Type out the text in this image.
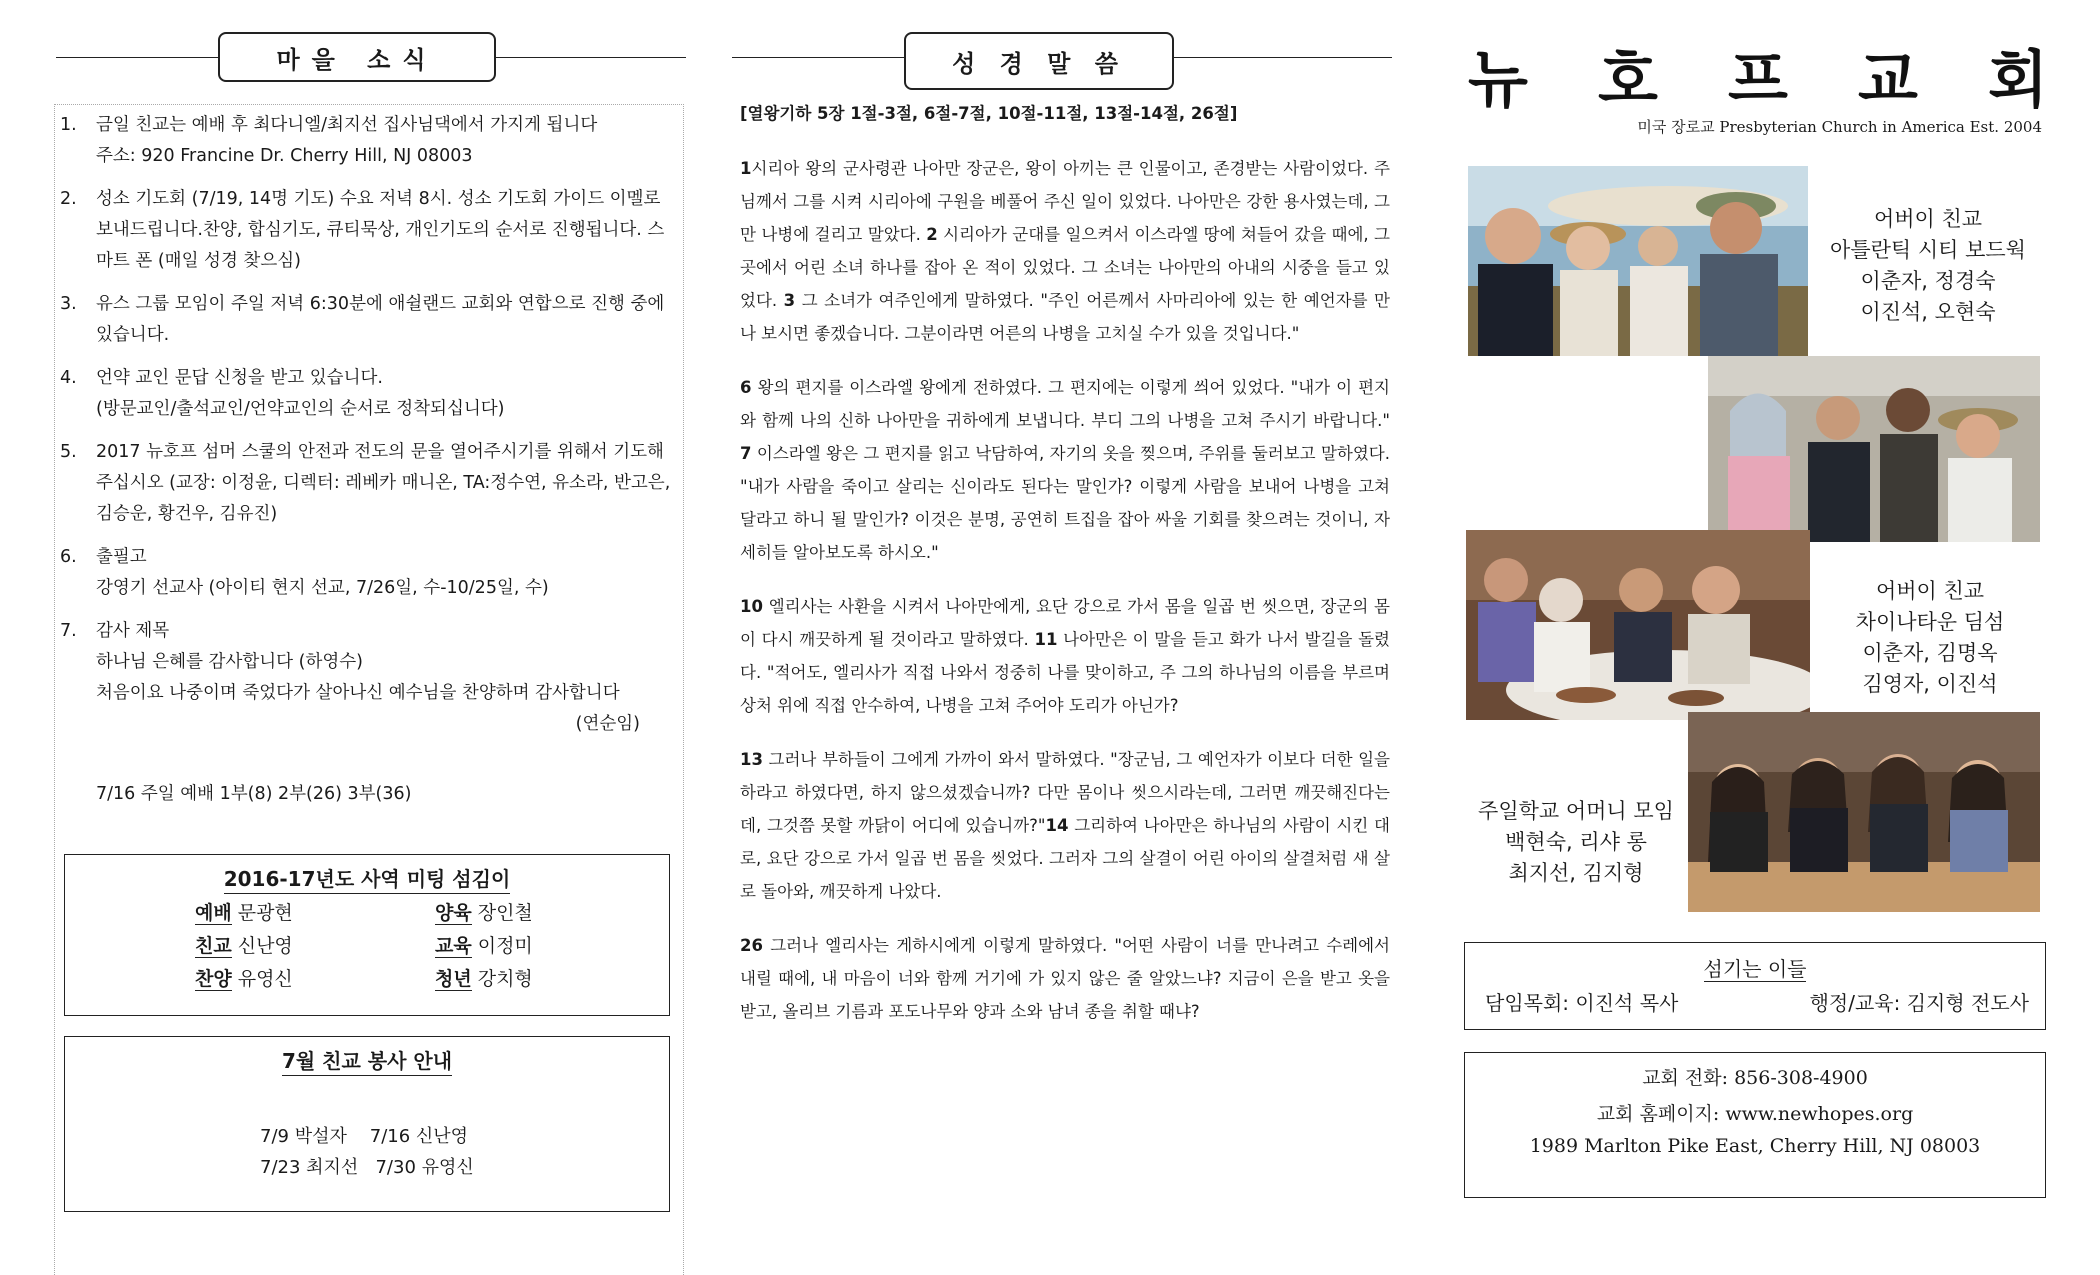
마을 소식
1.	금일 친교는 예배 후 최다니엘/최지선 집사님댁에서 가지게 됩니다
주소: 920 Francine Dr. Cherry Hill, NJ 08003
2.	성소 기도회 (7/19, 14명 기도) 수요 저녁 8시. 성소 기도회 가이드 이멜로 보내드립니다.찬양, 합심기도, 큐티묵상, 개인기도의 순서로 진행됩니다. 스마트 폰 (매일 성경 찾으심)
3.	유스 그룹 모임이 주일 저녁 6:30분에 애쉴랜드 교회와 연합으로 진행 중에 있습니다.
4.	언약 교인 문답 신청을 받고 있습니다.
(방문교인/출석교인/언약교인의 순서로 정착되십니다)
5.	2017 뉴호프 섬머 스쿨의 안전과 전도의 문을 열어주시기를 위해서 기도해주십시오 (교장: 이정윤, 디렉터: 레베카 매니온, TA:정수연, 유소라, 반고은, 김승운, 황건우, 김유진)
6.	출필고
강영기 선교사 (아이티 현지 선교, 7/26일, 수-10/25일, 수)
7.	감사 제목
하나님 은혜를 감사합니다 (하영수)
처음이요 나중이며 죽었다가 살아나신 예수님을 찬양하며 감사합니다
(연순임)
7/16 주일 예배 1부(8) 2부(26) 3부(36)
2016-17년도 사역 미팅 섬김이
예배 문광현	양육 장인철
친교 신난영	교육 이정미
찬양 유영신	청년 강치형
7월 친교 봉사 안내
7/9 박설자    7/16 신난영
7/23 최지선   7/30 유영신
성 경 말 씀
[열왕기하 5장 1절-3절, 6절-7절, 10절-11절, 13절-14절, 26절]

1시리아 왕의 군사령관 나아만 장군은, 왕이 아끼는 큰 인물이고, 존경받는 사람이었다. 주님께서 그를 시켜 시리아에 구원을 베풀어 주신 일이 있었다. 나아만은 강한 용사였는데, 그만 나병에 걸리고 말았다. 2 시리아가 군대를 일으켜서 이스라엘 땅에 쳐들어 갔을 때에, 그 곳에서 어린 소녀 하나를 잡아 온 적이 있었다. 그 소녀는 나아만의 아내의 시중을 들고 있었다. 3 그 소녀가 여주인에게 말하였다. "주인 어른께서 사마리아에 있는 한 예언자를 만나 보시면 좋겠습니다. 그분이라면 어른의 나병을 고치실 수가 있을 것입니다."

6 왕의 편지를 이스라엘 왕에게 전하였다. 그 편지에는 이렇게 씌어 있었다. "내가 이 편지와 함께 나의 신하 나아만을 귀하에게 보냅니다. 부디 그의 나병을 고쳐 주시기 바랍니다." 7 이스라엘 왕은 그 편지를 읽고 낙담하여, 자기의 옷을 찢으며, 주위를 둘러보고 말하였다. "내가 사람을 죽이고 살리는 신이라도 된다는 말인가? 이렇게 사람을 보내어 나병을 고쳐 달라고 하니 될 말인가? 이것은 분명, 공연히 트집을 잡아 싸울 기회를 찾으려는 것이니, 자세히들 알아보도록 하시오."

10 엘리사는 사환을 시켜서 나아만에게, 요단 강으로 가서 몸을 일곱 번 씻으면, 장군의 몸이 다시 깨끗하게 될 것이라고 말하였다. 11 나아만은 이 말을 듣고 화가 나서 발길을 돌렸다. "적어도, 엘리사가 직접 나와서 정중히 나를 맞이하고, 주 그의 하나님의 이름을 부르며 상처 위에 직접 안수하여, 나병을 고쳐 주어야 도리가 아닌가?

13 그러나 부하들이 그에게 가까이 와서 말하였다. "장군님, 그 예언자가 이보다 더한 일을 하라고 하였다면, 하지 않으셨겠습니까? 다만 몸이나 씻으시라는데, 그러면 깨끗해진다는데, 그것쯤 못할 까닭이 어디에 있습니까?"14 그리하여 나아만은 하나님의 사람이 시킨 대로, 요단 강으로 가서 일곱 번 몸을 씻었다. 그러자 그의 살결이 어린 아이의 살결처럼 새 살로 돌아와, 깨끗하게 나았다.

26 그러나 엘리사는 게하시에게 이렇게 말하였다. "어떤 사람이 너를 만나려고 수레에서 내릴 때에, 내 마음이 너와 함께 거기에 가 있지 않은 줄 알았느냐? 지금이 은을 받고 옷을 받고, 올리브 기름과 포도나무와 양과 소와 남녀 종을 취할 때냐?

뉴 호 프 교 회
미국 장로교 Presbyterian Church in America Est. 2004
어버이 친교
아틀란틱 시티 보드웍
이춘자, 정경숙
이진석, 오현숙
어버이 친교
차이나타운 딤섬
이춘자, 김명옥
김영자, 이진석
주일학교 어머니 모임
백현숙, 리샤 롱
최지선, 김지형
섬기는 이들
담임목회: 이진석 목사	행정/교육: 김지형 전도사
교회 전화: 856-308-4900
교회 홈페이지: www.newhopes.org
1989 Marlton Pike East, Cherry Hill, NJ 08003
